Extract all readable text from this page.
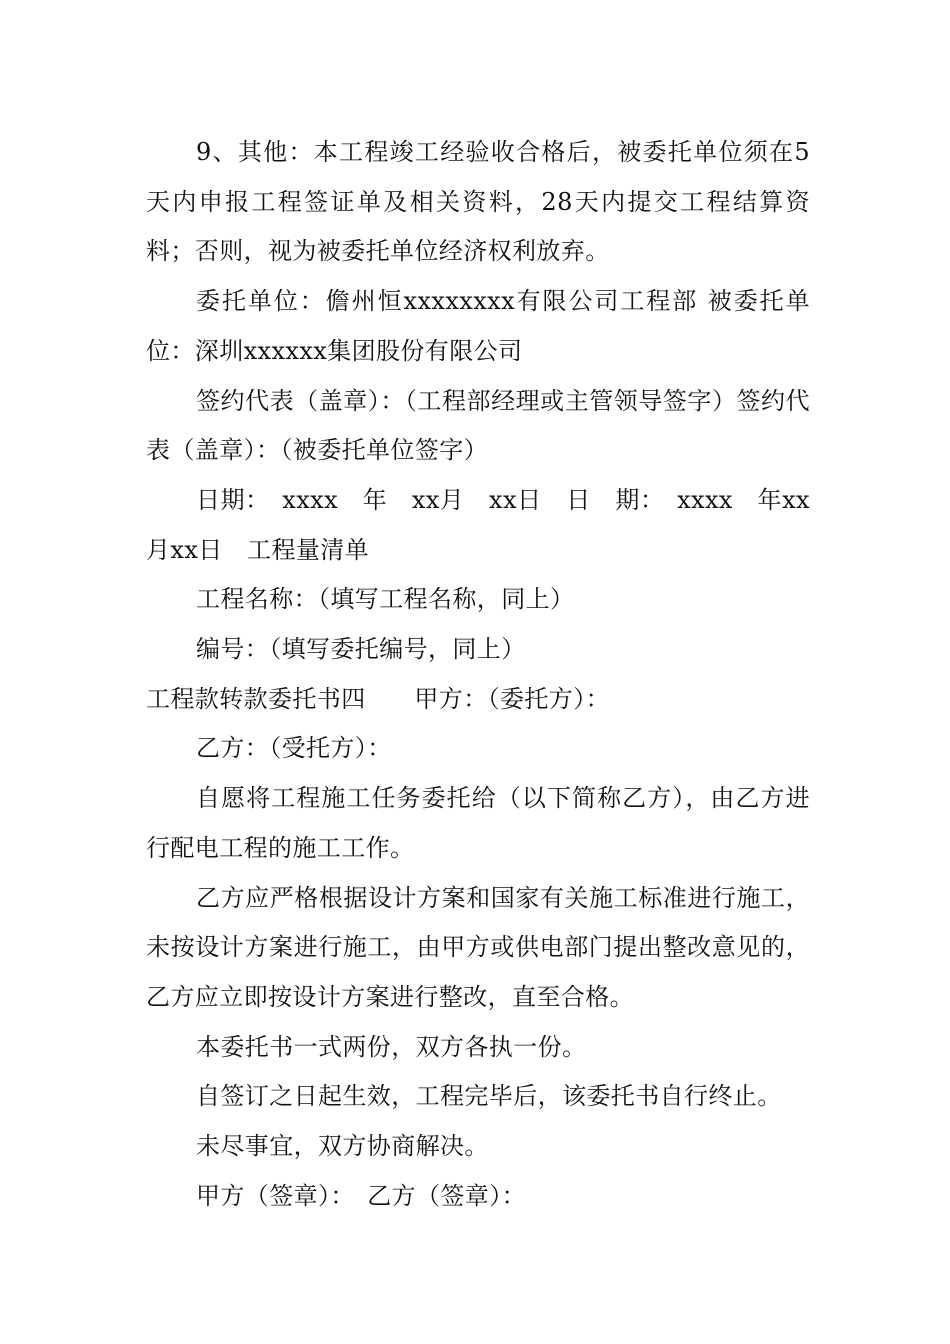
9、其他：本工程竣工经验收合格后，被委托单位须在5天内申报工程签证单及相关资料，28天内提交工程结算资料；否则，视为被委托单位经济权利放弃。

委托单位：儋州恒xxxxxxxx有限公司工程部 被委托单位：深圳xxxxxx集团股份有限公司

签约代表（盖章）：（工程部经理或主管领导签字）签约代表（盖章）：（被委托单位签字）

日期：　xxxx　年　xx月　xx日　日　期：　xxxx　年xx月xx日　工程量清单

工程名称：（填写工程名称，同上）

编号：（填写委托编号，同上）

工程款转款委托书四　　甲方：（委托方）：

乙方：（受托方）：

自愿将工程施工任务委托给（以下简称乙方），由乙方进行配电工程的施工工作。

乙方应严格根据设计方案和国家有关施工标准进行施工，未按设计方案进行施工，由甲方或供电部门提出整改意见的，乙方应立即按设计方案进行整改，直至合格。

本委托书一式两份，双方各执一份。

自签订之日起生效，工程完毕后，该委托书自行终止。

未尽事宜，双方协商解决。

甲方（签章）：　乙方（签章）：
